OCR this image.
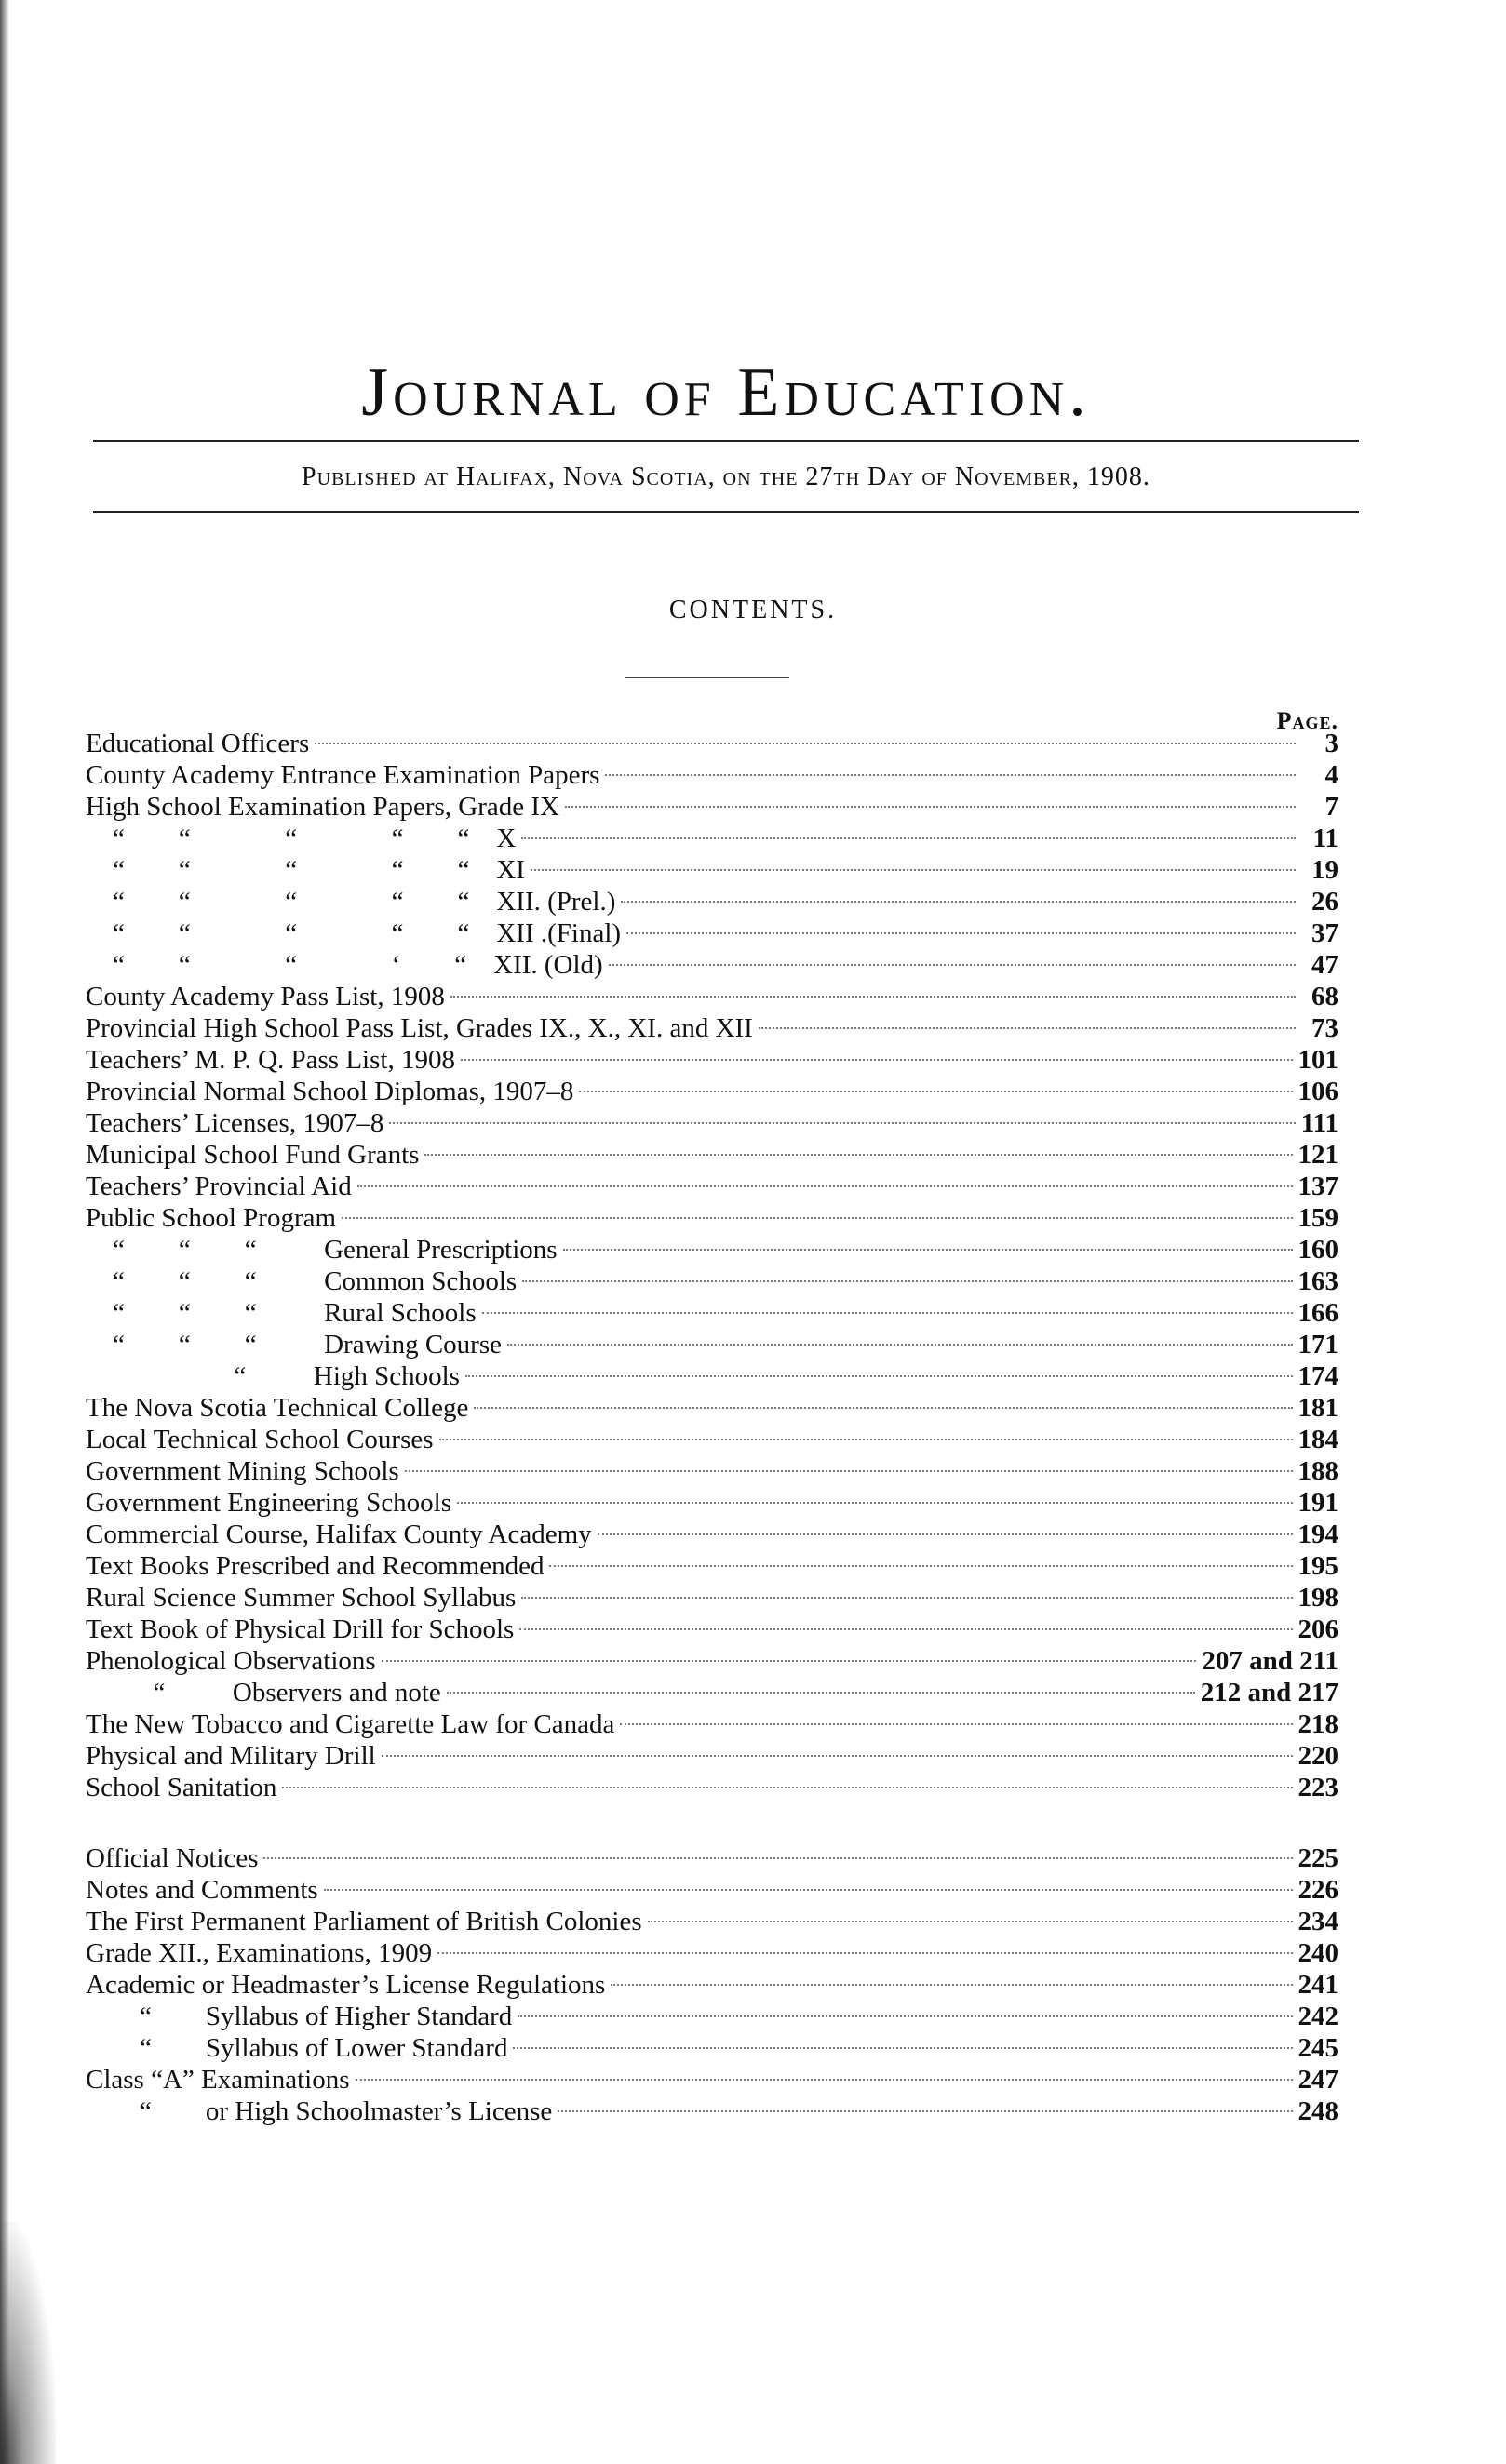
Journal of Education.
Published at Halifax, Nova Scotia, on the 27th Day of November, 1908.
CONTENTS.
Page.
Educational Officers	3
County Academy Entrance Examination Papers	4
High School Examination Papers, Grade IX	7
“        “              “              “        “    X	11
“        “              “              “        “    XI	19
“        “              “              “        “    XII. (Prel.)	26
“        “              “              “        “    XII .(Final)	37
“        “              “              ‘        “    XII. (Old)	47
County Academy Pass List, 1908	68
Provincial High School Pass List, Grades IX., X., XI. and XII	73
Teachers’ M. P. Q. Pass List, 1908	101
Provincial Normal School Diplomas, 1907–8	106
Teachers’ Licenses, 1907–8	111
Municipal School Fund Grants	121
Teachers’ Provincial Aid	137
Public School Program	159
“        “        “          General Prescriptions	160
“        “        “          Common Schools	163
“        “        “          Rural Schools	166
“        “        “          Drawing Course	171
“          High Schools	174
The Nova Scotia Technical College	181
Local Technical School Courses	184
Government Mining Schools	188
Government Engineering Schools	191
Commercial Course, Halifax County Academy	194
Text Books Prescribed and Recommended	195
Rural Science Summer School Syllabus	198
Text Book of Physical Drill for Schools	206
Phenological Observations	207 and 211
“          Observers and note	212 and 217
The New Tobacco and Cigarette Law for Canada	218
Physical and Military Drill	220
School Sanitation	223
Official Notices	225
Notes and Comments	226
The First Permanent Parliament of British Colonies	234
Grade XII., Examinations, 1909	240
Academic or Headmaster’s License Regulations	241
“        Syllabus of Higher Standard	242
“        Syllabus of Lower Standard	245
Class “A” Examinations	247
“        or High Schoolmaster’s License	248
